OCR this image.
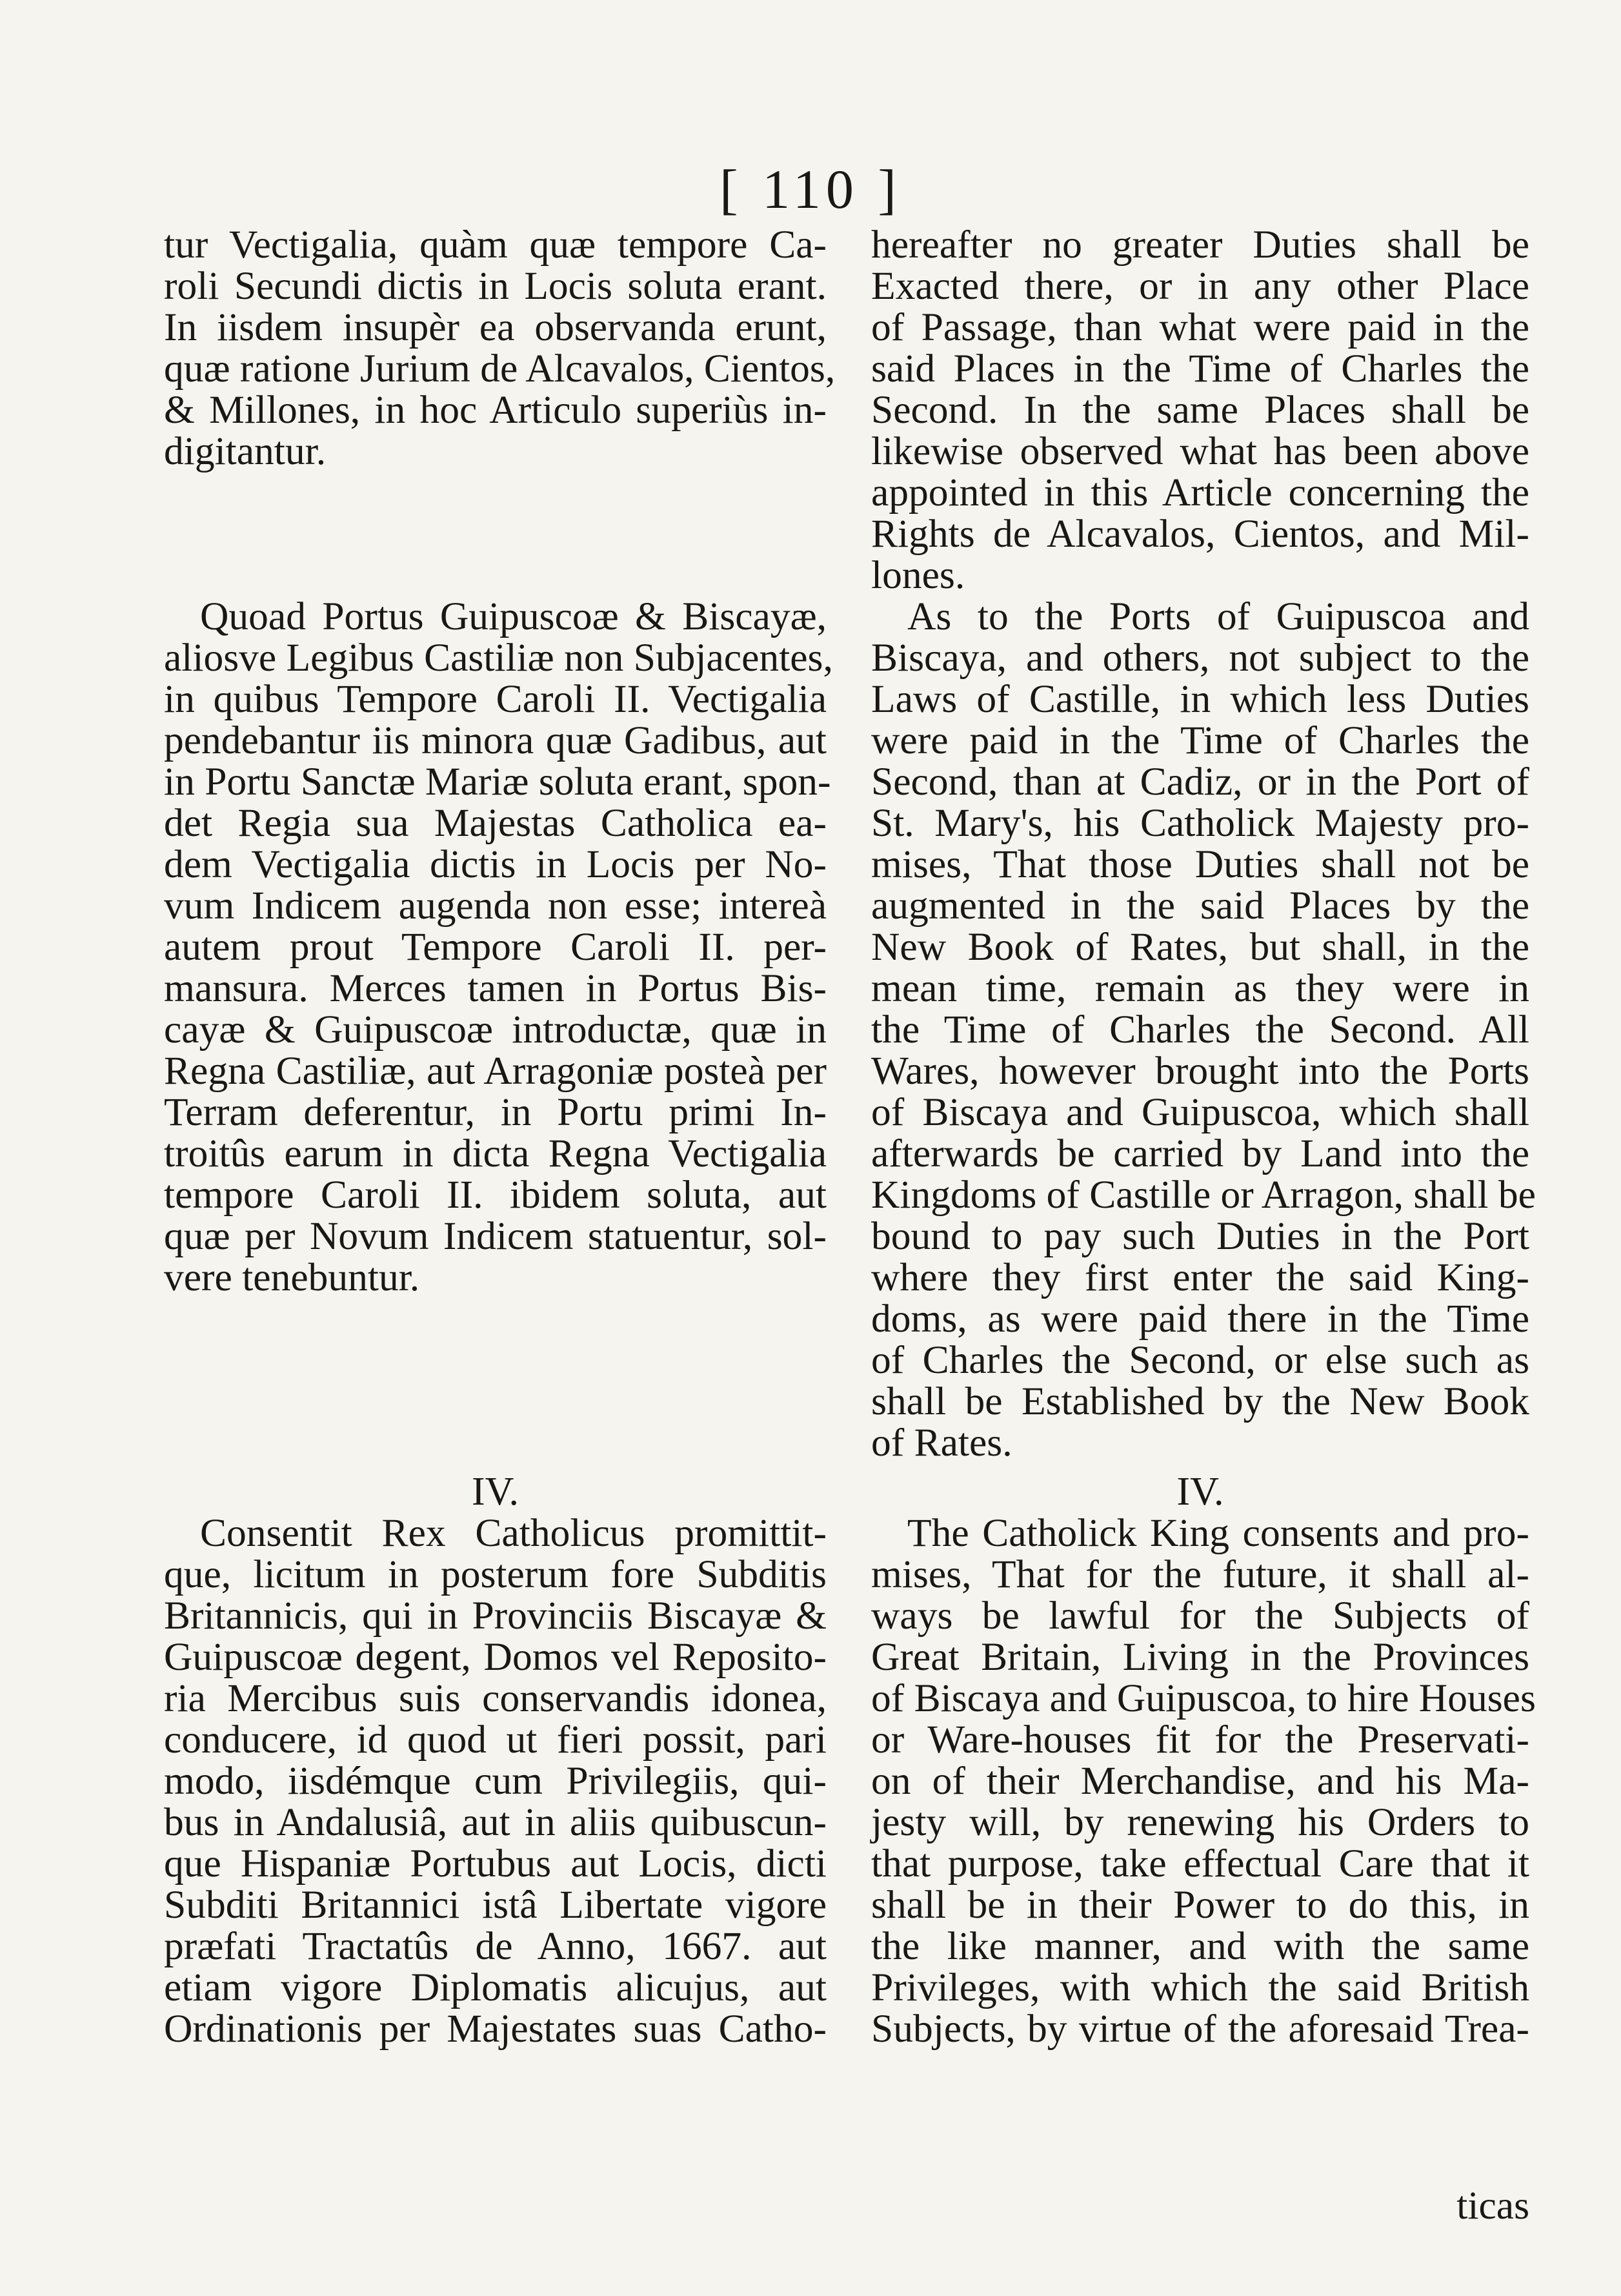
[ 110 ]
tur Vectigalia, quàm quæ tempore Ca-
roli Secundi dictis in Locis soluta erant.
In iisdem insupèr ea observanda erunt,
quæ ratione Jurium de Alcavalos, Cientos,
& Millones, in hoc Articulo superiùs in-
digitantur.
Quoad Portus Guipuscoæ & Biscayæ,
aliosve Legibus Castiliæ non Subjacentes,
in quibus Tempore Caroli II. Vectigalia
pendebantur iis minora quæ Gadibus, aut
in Portu Sanctæ Mariæ soluta erant, spon-
det Regia sua Majestas Catholica ea-
dem Vectigalia dictis in Locis per No-
vum Indicem augenda non esse; intereà
autem prout Tempore Caroli II. per-
mansura. Merces tamen in Portus Bis-
cayæ & Guipuscoæ introductæ, quæ in
Regna Castiliæ, aut Arragoniæ posteà per
Terram deferentur, in Portu primi In-
troitûs earum in dicta Regna Vectigalia
tempore Caroli II. ibidem soluta, aut
quæ per Novum Indicem statuentur, sol-
vere tenebuntur.
IV.
Consentit Rex Catholicus promittit-
que, licitum in posterum fore Subditis
Britannicis, qui in Provinciis Biscayæ &
Guipuscoæ degent, Domos vel Reposito-
ria Mercibus suis conservandis idonea,
conducere, id quod ut fieri possit, pari
modo, iisdémque cum Privilegiis, qui-
bus in Andalusiâ, aut in aliis quibuscun-
que Hispaniæ Portubus aut Locis, dicti
Subditi Britannici istâ Libertate vigore
præfati Tractatûs de Anno, 1667. aut
etiam vigore Diplomatis alicujus, aut
Ordinationis per Majestates suas Catho-
hereafter no greater Duties shall be
Exacted there, or in any other Place
of Passage, than what were paid in the
said Places in the Time of Charles the
Second. In the same Places shall be
likewise observed what has been above
appointed in this Article concerning the
Rights de Alcavalos, Cientos, and Mil-
lones.
As to the Ports of Guipuscoa and
Biscaya, and others, not subject to the
Laws of Castille, in which less Duties
were paid in the Time of Charles the
Second, than at Cadiz, or in the Port of
St. Mary's, his Catholick Majesty pro-
mises, That those Duties shall not be
augmented in the said Places by the
New Book of Rates, but shall, in the
mean time, remain as they were in
the Time of Charles the Second. All
Wares, however brought into the Ports
of Biscaya and Guipuscoa, which shall
afterwards be carried by Land into the
Kingdoms of Castille or Arragon, shall be
bound to pay such Duties in the Port
where they first enter the said King-
doms, as were paid there in the Time
of Charles the Second, or else such as
shall be Established by the New Book
of Rates.
IV.
The Catholick King consents and pro-
mises, That for the future, it shall al-
ways be lawful for the Subjects of
Great Britain, Living in the Provinces
of Biscaya and Guipuscoa, to hire Houses
or Ware-houses fit for the Preservati-
on of their Merchandise, and his Ma-
jesty will, by renewing his Orders to
that purpose, take effectual Care that it
shall be in their Power to do this, in
the like manner, and with the same
Privileges, with which the said British
Subjects, by virtue of the aforesaid Trea-
ticas
